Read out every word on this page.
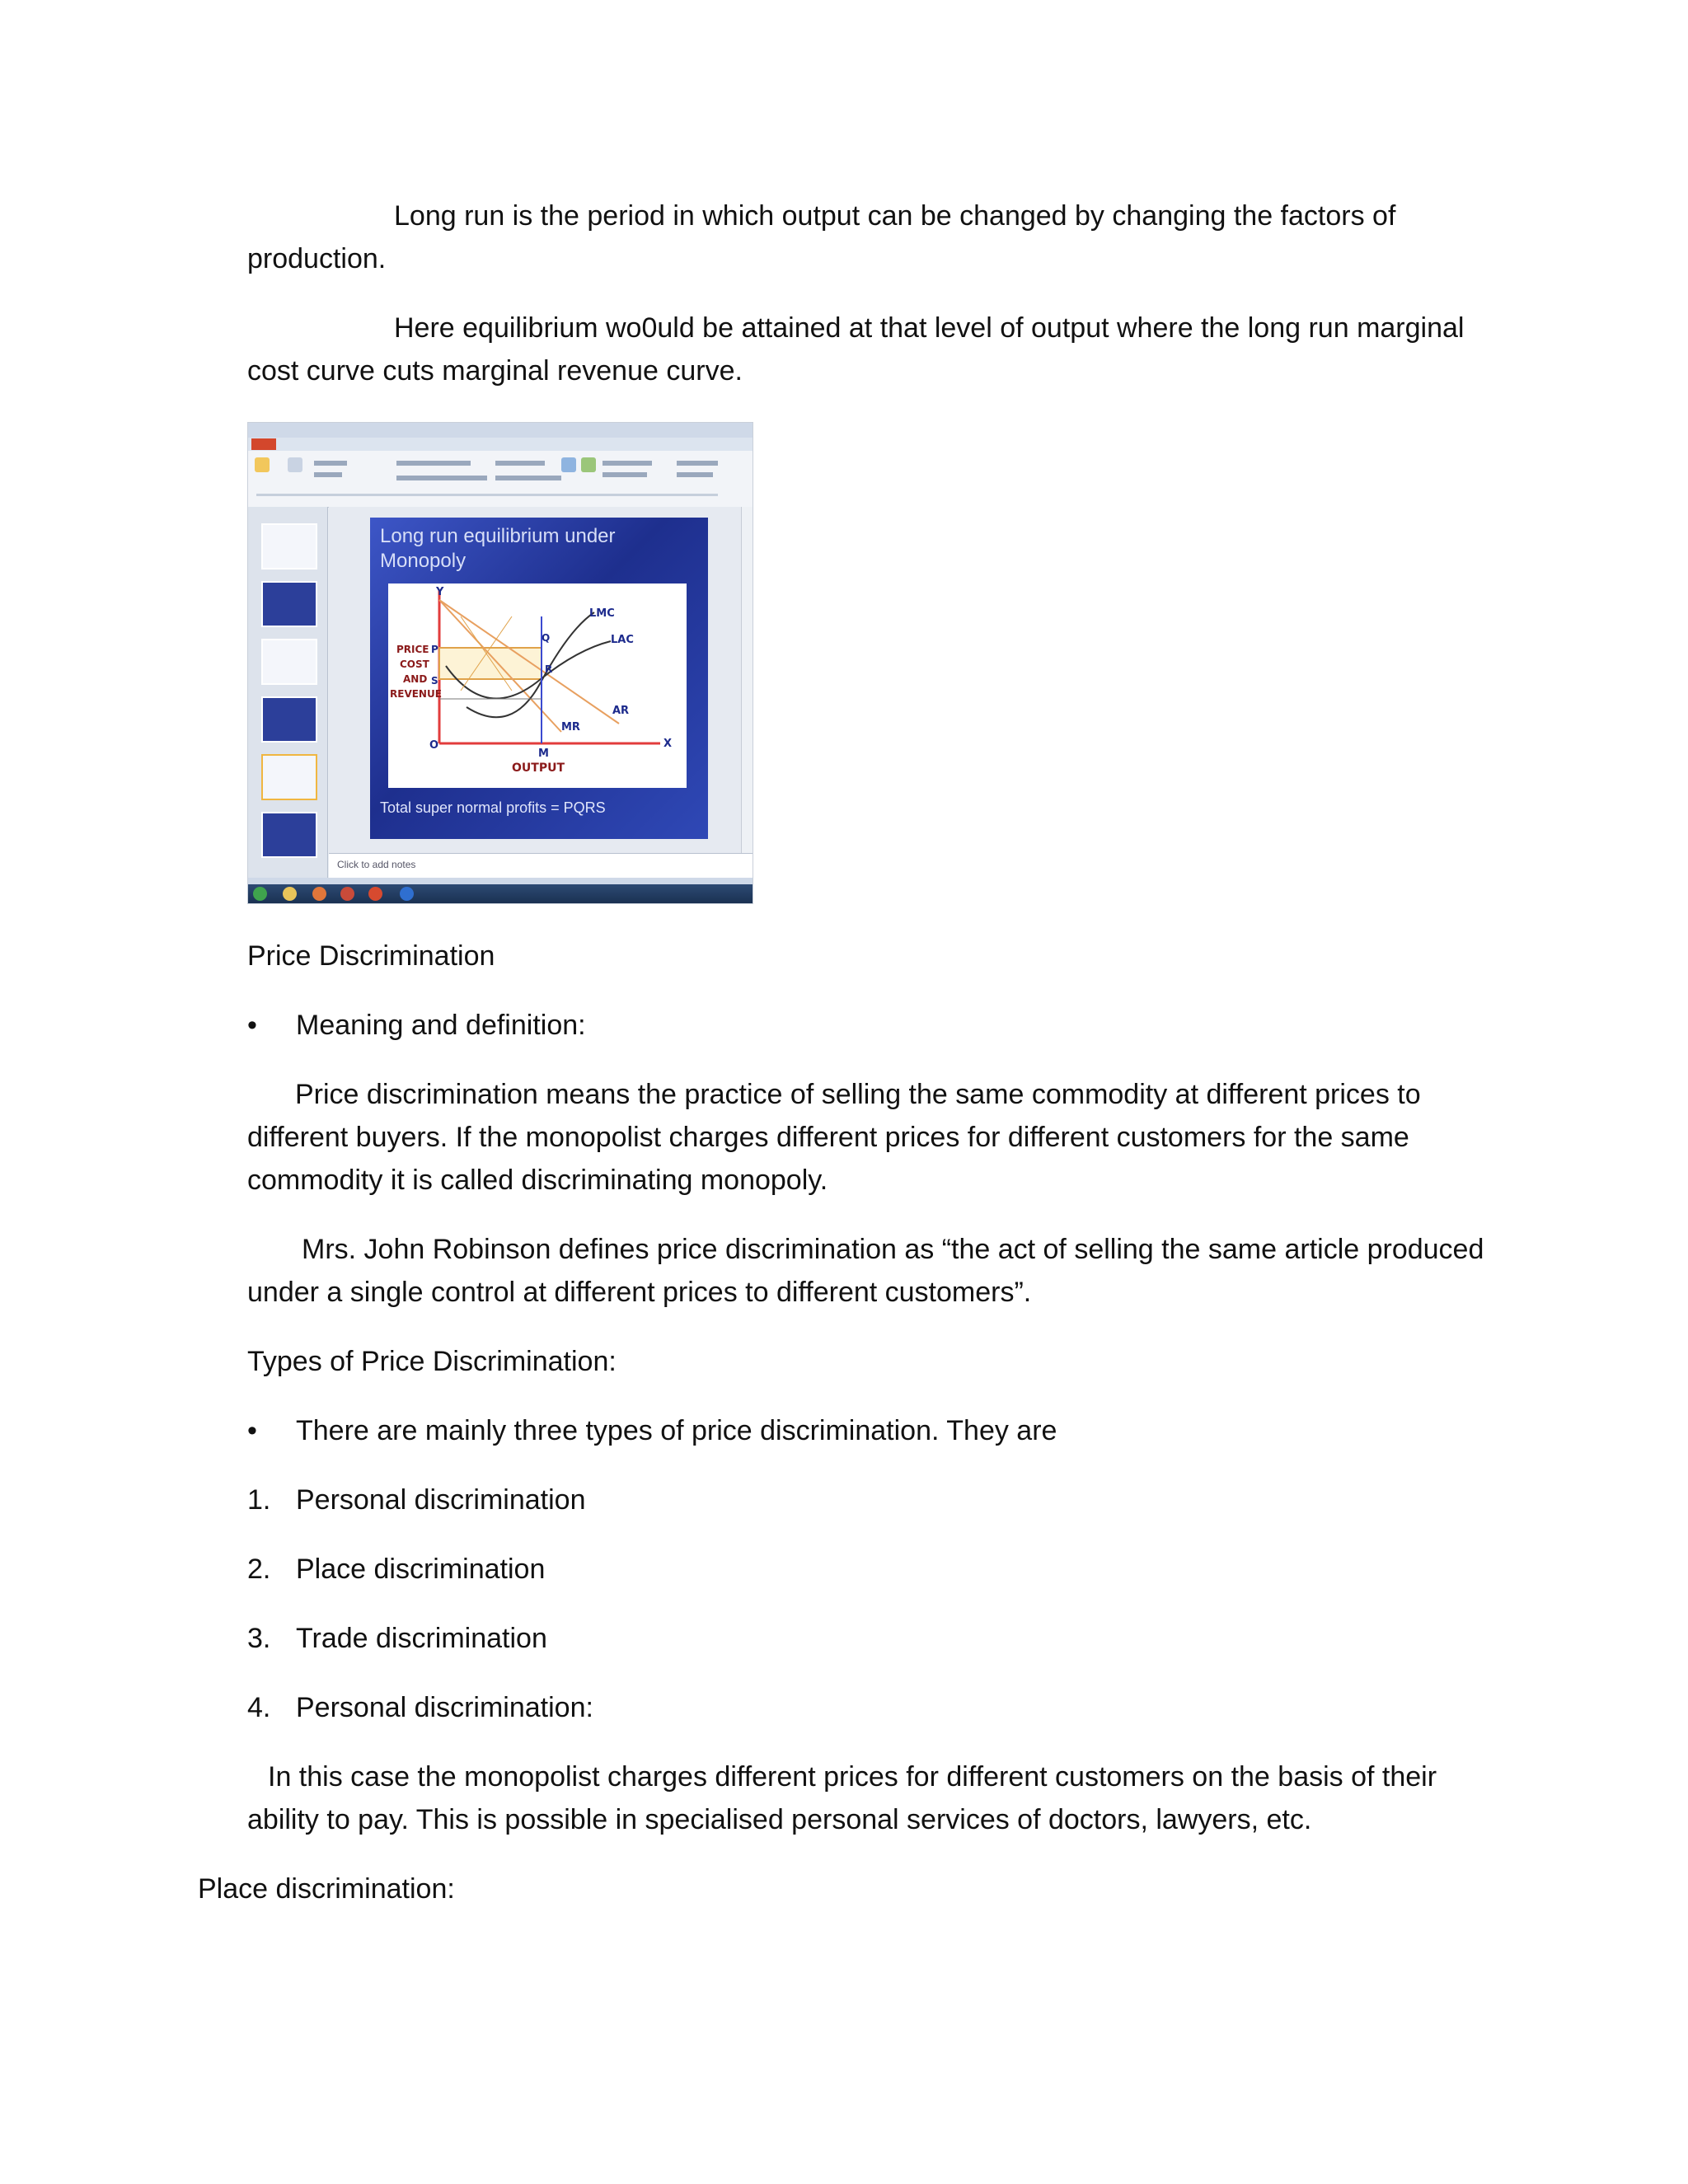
Long run is the period in which output can be changed by changing the factors of

production.

Here equilibrium wo0uld be attained at that level of output where the long run marginal

cost curve cuts marginal revenue curve.

Long run equilibrium under
Monopoly
Y
X
O
M
OUTPUT
PRICE
COST
AND
REVENUE
P
Q
R
S
LMC
LAC
AR
MR
Total super normal profits = PQRS
Click to add notes

Price Discrimination

• Meaning and definition:

Price discrimination means the practice of selling the same commodity at different prices to

different buyers. If the monopolist charges different prices for different customers for the same

commodity it is called discriminating monopoly.

Mrs. John Robinson defines price discrimination as “the act of selling the same article produced

under a single control at different prices to different customers”.

Types of Price Discrimination:

• There are mainly three types of price discrimination. They are

1. Personal discrimination

2. Place discrimination

3. Trade discrimination

4. Personal discrimination:

In this case the monopolist charges different prices for different customers on the basis of their

ability to pay. This is possible in specialised personal services of doctors, lawyers, etc.

Place discrimination:
